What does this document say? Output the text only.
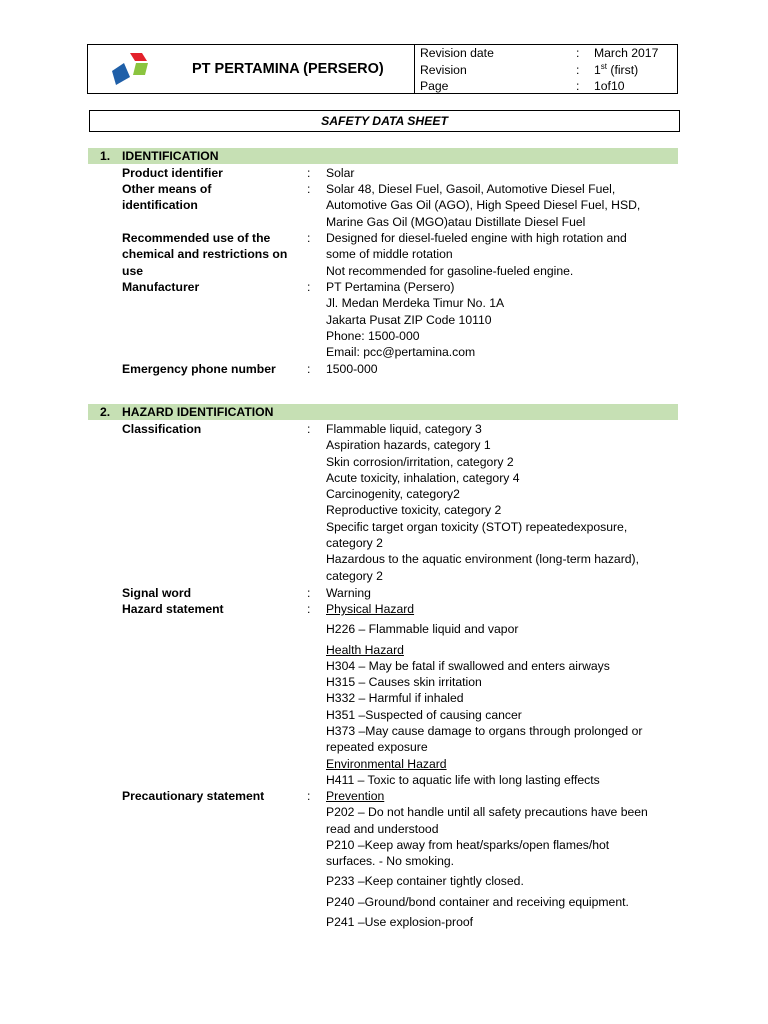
PT PERTAMINA (PERSERO)
Revision date	: March 2017
Revision	: 1st (first)
Page	: 1of10
SAFETY DATA SHEET
1. IDENTIFICATION
Product identifier	: Solar
Other means of
identification
: Solar 48, Diesel Fuel, Gasoil, Automotive Diesel Fuel,
Automotive Gas Oil (AGO), High Speed Diesel Fuel, HSD,
Marine Gas Oil (MGO)atau Distillate Diesel Fuel
Recommended use of the
chemical and restrictions on
use
: Designed for diesel-fueled engine with high rotation and
some of middle rotation
Not recommended for gasoline-fueled engine.
Manufacturer	: PT Pertamina (Persero)
Jl. Medan Merdeka Timur No. 1A
Jakarta Pusat ZIP Code 10110
Phone: 1500-000
Email: pcc@pertamina.com
Emergency phone number	: 1500-000
2. HAZARD IDENTIFICATION
Classification	: Flammable liquid, category 3
Aspiration hazards, category 1
Skin corrosion/irritation, category 2
Acute toxicity, inhalation, category 4
Carcinogenity, category2
Reproductive toxicity, category 2
Specific target organ toxicity (STOT) repeatedexposure,
category 2
Hazardous to the aquatic environment (long-term hazard),
category 2
Signal word	: Warning
Hazard statement	: Physical Hazard
H226 – Flammable liquid and vapor
Health Hazard
H304 – May be fatal if swallowed and enters airways
H315 – Causes skin irritation
H332 – Harmful if inhaled
H351 –Suspected of causing cancer
H373 –May cause damage to organs through prolonged or
repeated exposure
Environmental Hazard
H411 – Toxic to aquatic life with long lasting effects
Precautionary statement	: Prevention
P202 – Do not handle until all safety precautions have been
read and understood
P210 –Keep away from heat/sparks/open flames/hot
surfaces. - No smoking.
P233 –Keep container tightly closed.
P240 –Ground/bond container and receiving equipment.
P241 –Use explosion-proof
